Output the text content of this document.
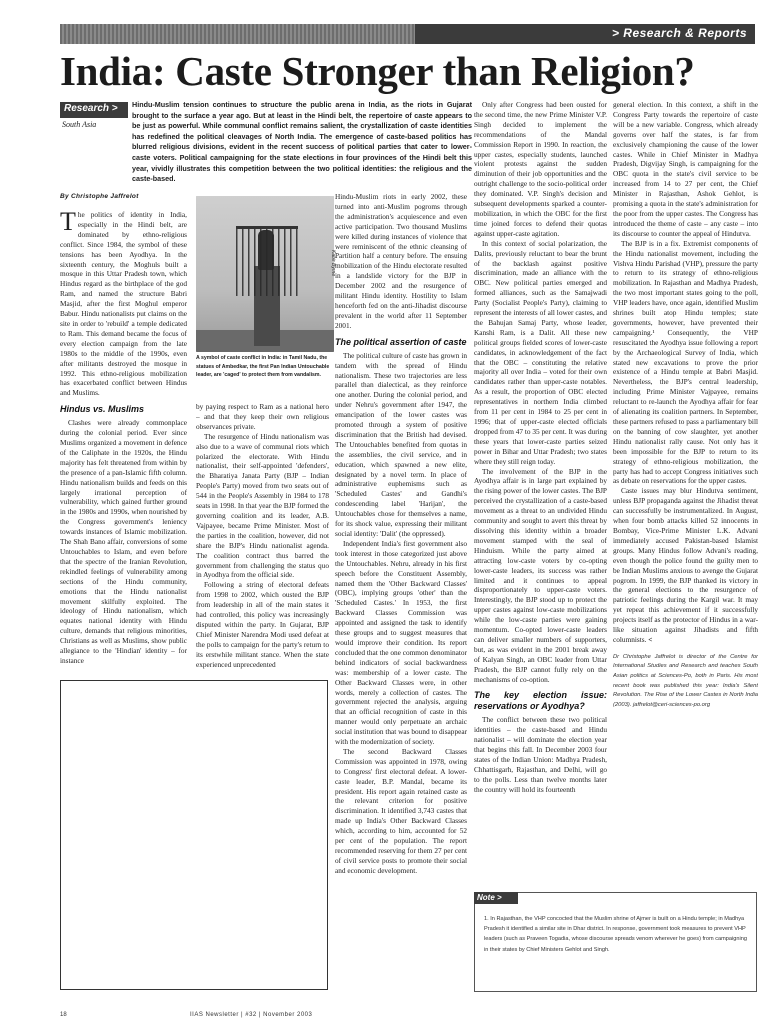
> Research & Reports
India: Caste Stronger than Religion?
Research >
South Asia
Hindu-Muslim tension continues to structure the public arena in India, as the riots in Gujarat brought to the surface a year ago. But at least in the Hindi belt, the repertoire of caste appears to be just as powerful. While communal conflict remains salient, the crystallization of caste identities has redefined the political cleavages of North India. The emergence of caste-based politics has blurred religious divisions, evident in the recent success of political parties that cater to lower-caste voters. Political campaigning for the state elections in four provinces of the Hindi belt this year, vividly illustrates this competition between the two political identities: the religious and the caste-based.
By Christophe Jaffrelot

The politics of identity in India, especially in the Hindi belt, are dominated by ethno-religious conflict. Since 1984, the symbol of these tensions has been Ayodhya. In the sixteenth century, the Moghuls built a mosque in this Uttar Pradesh town, which Hindus regard as the birthplace of the god Ram, and named the structure Babri Masjid, after the first Moghul emperor Babur. Hindu nationalists put claims on the site in order to 'rebuild' a temple dedicated to Ram. This demand became the focus of every election campaign from the late 1980s to the middle of the 1990s, even after militants destroyed the mosque in 1992. This ethno-religious mobilization has exacerbated conflict between Hindus and Muslims.

Hindus vs. Muslims

Clashes were already commonplace during the colonial period. Ever since Muslims organized a movement in defence of the Caliphate in the 1920s, the Hindu majority has felt threatened from within by the presence of a pan-Islamic fifth column. Hindu nationalism builds and feeds on this largely irrational perception of vulnerability, which gained further ground in the 1980s and 1990s, when nourished by the Congress government's leniency towards instances of Islamic mobilization. The Shah Bano affair, conversions of some Untouchables to Islam, and even before that the spectre of the Iranian Revolution, rekindled feelings of vulnerability among sections of the Hindu community, emotions that the Hindu nationalist movement skilfully exploited. The ideology of Hindu nationalism, which equates national identity with Hindu culture, demands that religious minorities, Christians as well as Muslims, show public allegiance to the 'Hindian' identity – for instance

Kabir Byrne
A symbol of caste conflict in India: in Tamil Nadu, the statues of Ambedkar, the first Pan Indian Untouchable leader, are 'caged' to protect them from vandalism.

by paying respect to Ram as a national hero – and that they keep their own religious observances private.

The resurgence of Hindu nationalism was also due to a wave of communal riots which polarized the electorate. With Hindu nationalist, their self-appointed 'defenders', the Bharatiya Janata Party (BJP – Indian People's Party) moved from two seats out of 544 in the People's Assembly in 1984 to 178 seats in 1998. In that year the BJP formed the governing coalition and its leader, A.B. Vajpayee, became Prime Minister. Most of the parties in the coalition, however, did not share the BJP's Hindu nationalist agenda. The coalition contract thus barred the government from challenging the status quo in Ayodhya from the official side.

Following a string of electoral defeats from 1998 to 2002, which ousted the BJP from leadership in all of the main states it had controlled, this policy was increasingly disputed within the party. In Gujarat, BJP Chief Minister Narendra Modi used defeat at the polls to campaign for the party's return to its erstwhile militant stance. When the state experienced unprecedented

Hindu-Muslim riots in early 2002, these turned into anti-Muslim pogroms through the administration's acquiescence and even active participation. Two thousand Muslims were killed during instances of violence that were reminiscent of the ethnic cleansing of Partition half a century before. The ensuing mobilization of the Hindu electorate resulted in a landslide victory for the BJP in December 2002 and the resurgence of militant Hindu identity. Hostility to Islam henceforth fed on the anti-Jihadist discourse prevalent in the world after 11 September 2001.

The political assertion of caste

The political culture of caste has grown in tandem with the spread of Hindu nationalism. These two trajectories are less parallel than dialectical, as they reinforce one another. During the colonial period, and under Nehru's government after 1947, the emancipation of the lower castes was promoted through a system of positive discrimination that the British had devised. The Untouchables benefited from quotas in the assemblies, the civil service, and in education, which spawned a new elite, designated by a novel term. In place of administrative euphemisms such as 'Scheduled Castes' and Gandhi's condescending label 'Harijan', the Untouchables chose for themselves a name, for its shock value, expressing their militant social identity: 'Dalit' (the oppressed).

Independent India's first government also took interest in those categorized just above the Untouchables. Nehru, already in his first speech before the Constituent Assembly, named them the 'Other Backward Classes' (OBC), implying groups 'other' than the 'Scheduled Castes.' In 1953, the first Backward Classes Commission was appointed and assigned the task to identify these groups and to suggest measures that would improve their condition. Its report concluded that the one common denominator behind indicators of social backwardness was: membership of a lower caste. The Other Backward Classes were, in other words, merely a collection of castes. The government rejected the analysis, arguing that an official recognition of caste in this manner would only perpetuate an archaic social institution that was bound to disappear with the modernization of society.

The second Backward Classes Commission was appointed in 1978, owing to Congress' first electoral defeat. A lower-caste leader, B.P. Mandal, became its president. His report again retained caste as the relevant criterion for positive discrimination. It identified 3,743 castes that made up India's Other Backward Classes which, according to him, accounted for 52 per cent of the population. The report recommended reserving for them 27 per cent of civil service posts to promote their social and economic development.

Only after Congress had been ousted for the second time, the new Prime Minister V.P. Singh decided to implement the recommendations of the Mandal Commission Report in 1990. In reaction, the upper castes, especially students, launched violent protests against the sudden diminution of their job opportunities and the outright challenge to the socio-political order they dominated. V.P. Singh's decision and subsequent developments sparked a counter-mobilization, in which the OBC for the first time joined forces to defend their quotas against upper-caste agitation.

In this context of social polarization, the Dalits, previously reluctant to bear the brunt of the backlash against positive discrimination, made an alliance with the OBC. New political parties emerged and formed alliances, such as the Samajwadi Party (Socialist People's Party), claiming to represent the interests of all lower castes, and the Bahujan Samaj Party, whose leader, Kanshi Ram, is a Dalit. All these new political groups fielded scores of lower-caste candidates, in acknowledgement of the fact that the OBC – constituting the relative majority all over India – voted for their own candidates rather than upper-caste notables. As a result, the proportion of OBC elected representatives in northern India climbed from 11 per cent in 1984 to 25 per cent in 1996; that of upper-caste elected officials dropped from 47 to 35 per cent. It was during these years that lower-caste parties seized power in Bihar and Uttar Pradesh; two states where they still reign today.

The involvement of the BJP in the Ayodhya affair is in large part explained by the rising power of the lower castes. The BJP perceived the crystallization of a caste-based movement as a threat to an undivided Hindu community and sought to avert this threat by dissolving this identity within a broader movement stamped with the seal of Hinduism. While the party aimed at attracting low-caste voters by co-opting lower-caste leaders, its success was rather limited and it continues to appeal disproportionately to upper-caste voters. Interestingly, the BJP stood up to protect the upper castes against low-caste mobilizations while the low-caste parties were gaining momentum. Co-opted lower-caste leaders can deliver smaller numbers of supporters, but, as was evident in the 2001 break away of Kalyan Singh, an OBC leader from Uttar Pradesh, the BJP cannot fully rely on the mechanisms of co-option.

The key election issue: reservations or Ayodhya?

The conflict between these two political identities – the caste-based and Hindu nationalist – will dominate the election year that begins this fall. In December 2003 four states of the Indian Union: Madhya Pradesh, Chhattisgarh, Rajasthan, and Delhi, will go to the polls. Less than twelve months later the country will hold its fourteenth

general election. In this context, a shift in the Congress Party towards the repertoire of caste will be a new variable. Congress, which already governs over half the states, is far from exclusively championing the cause of the lower castes. While in Chief Minister in Madhya Pradesh, Digvijay Singh, is campaigning for the OBC quota in the state's civil service to be increased from 14 to 27 per cent, the Chief Minister in Rajasthan, Ashok Gehlot, is promising a quota in the state's administration for the poor from the upper castes. The Congress has introduced the theme of caste – any caste – into its discourse to counter the appeal of Hindutva.

The BJP is in a fix. Extremist components of the Hindu nationalist movement, including the Vishva Hindu Parishad (VHP), pressure the party to return to its strategy of ethno-religious mobilization. In Rajasthan and Madhya Pradesh, the two most important states going to the poll, VHP leaders have, once again, identified Muslim shrines built atop Hindu temples; state governments, however, have prevented their campaigning.¹ Consequently, the VHP resuscitated the Ayodhya issue following a report by the Archaeological Survey of India, which stated new excavations to prove the prior existence of a Hindu temple at Babri Masjid. Nevertheless, the BJP's central leadership, including Prime Minister Vajpayee, remains reluctant to re-launch the Ayodhya affair for fear of alienating its coalition partners. In September, these partners refused to pass a parliamentary bill on the banning of cow slaughter, yet another Hindu nationalist rally cause. Not only has it been impossible for the BJP to return to its strategy of ethno-religious mobilization, the party has had to accept Congress initiatives such as debate on reservations for the upper castes.

Caste issues may blur Hindutva sentiment, unless BJP propaganda against the Jihadist threat can successfully be instrumentalized. In August, when four bomb attacks killed 52 innocents in Bombay, Vice-Prime Minister L.K. Advani immediately accused Pakistan-based Islamist groups. Many Hindus follow Advani's reading, even though the police found the guilty men to be Indian Muslims anxious to avenge the Gujarat pogrom. In 1999, the BJP thanked its victory in the general elections to the resurgence of patriotic feelings during the Kargil war. It may yet repeat this achievement if it successfully projects itself as the protector of Hindus in a war-like situation against Jihadists and fifth columnists. <

Dr Christophe Jaffrelot is director of the Centre for International Studies and Research and teaches South Asian politics at Sciences-Po, both in Paris. His most recent book was published this year: India's Silent Revolution. The Rise of the Lower Castes in North India (2003). jaffrelot@ceri-sciences-po.org
Note >
1. In Rajasthan, the VHP concocted that the Muslim shrine of Ajmer is built on a Hindu temple; in Madhya Pradesh it identified a similar site in Dhar district. In response, government took measures to prevent VHP leaders (such as Praveen Togadia, whose discourse spreads venom wherever he goes) from campaigning in their states by Chief Ministers Gehlot and Singh.
18	IIAS Newsletter | #32 | November 2003
